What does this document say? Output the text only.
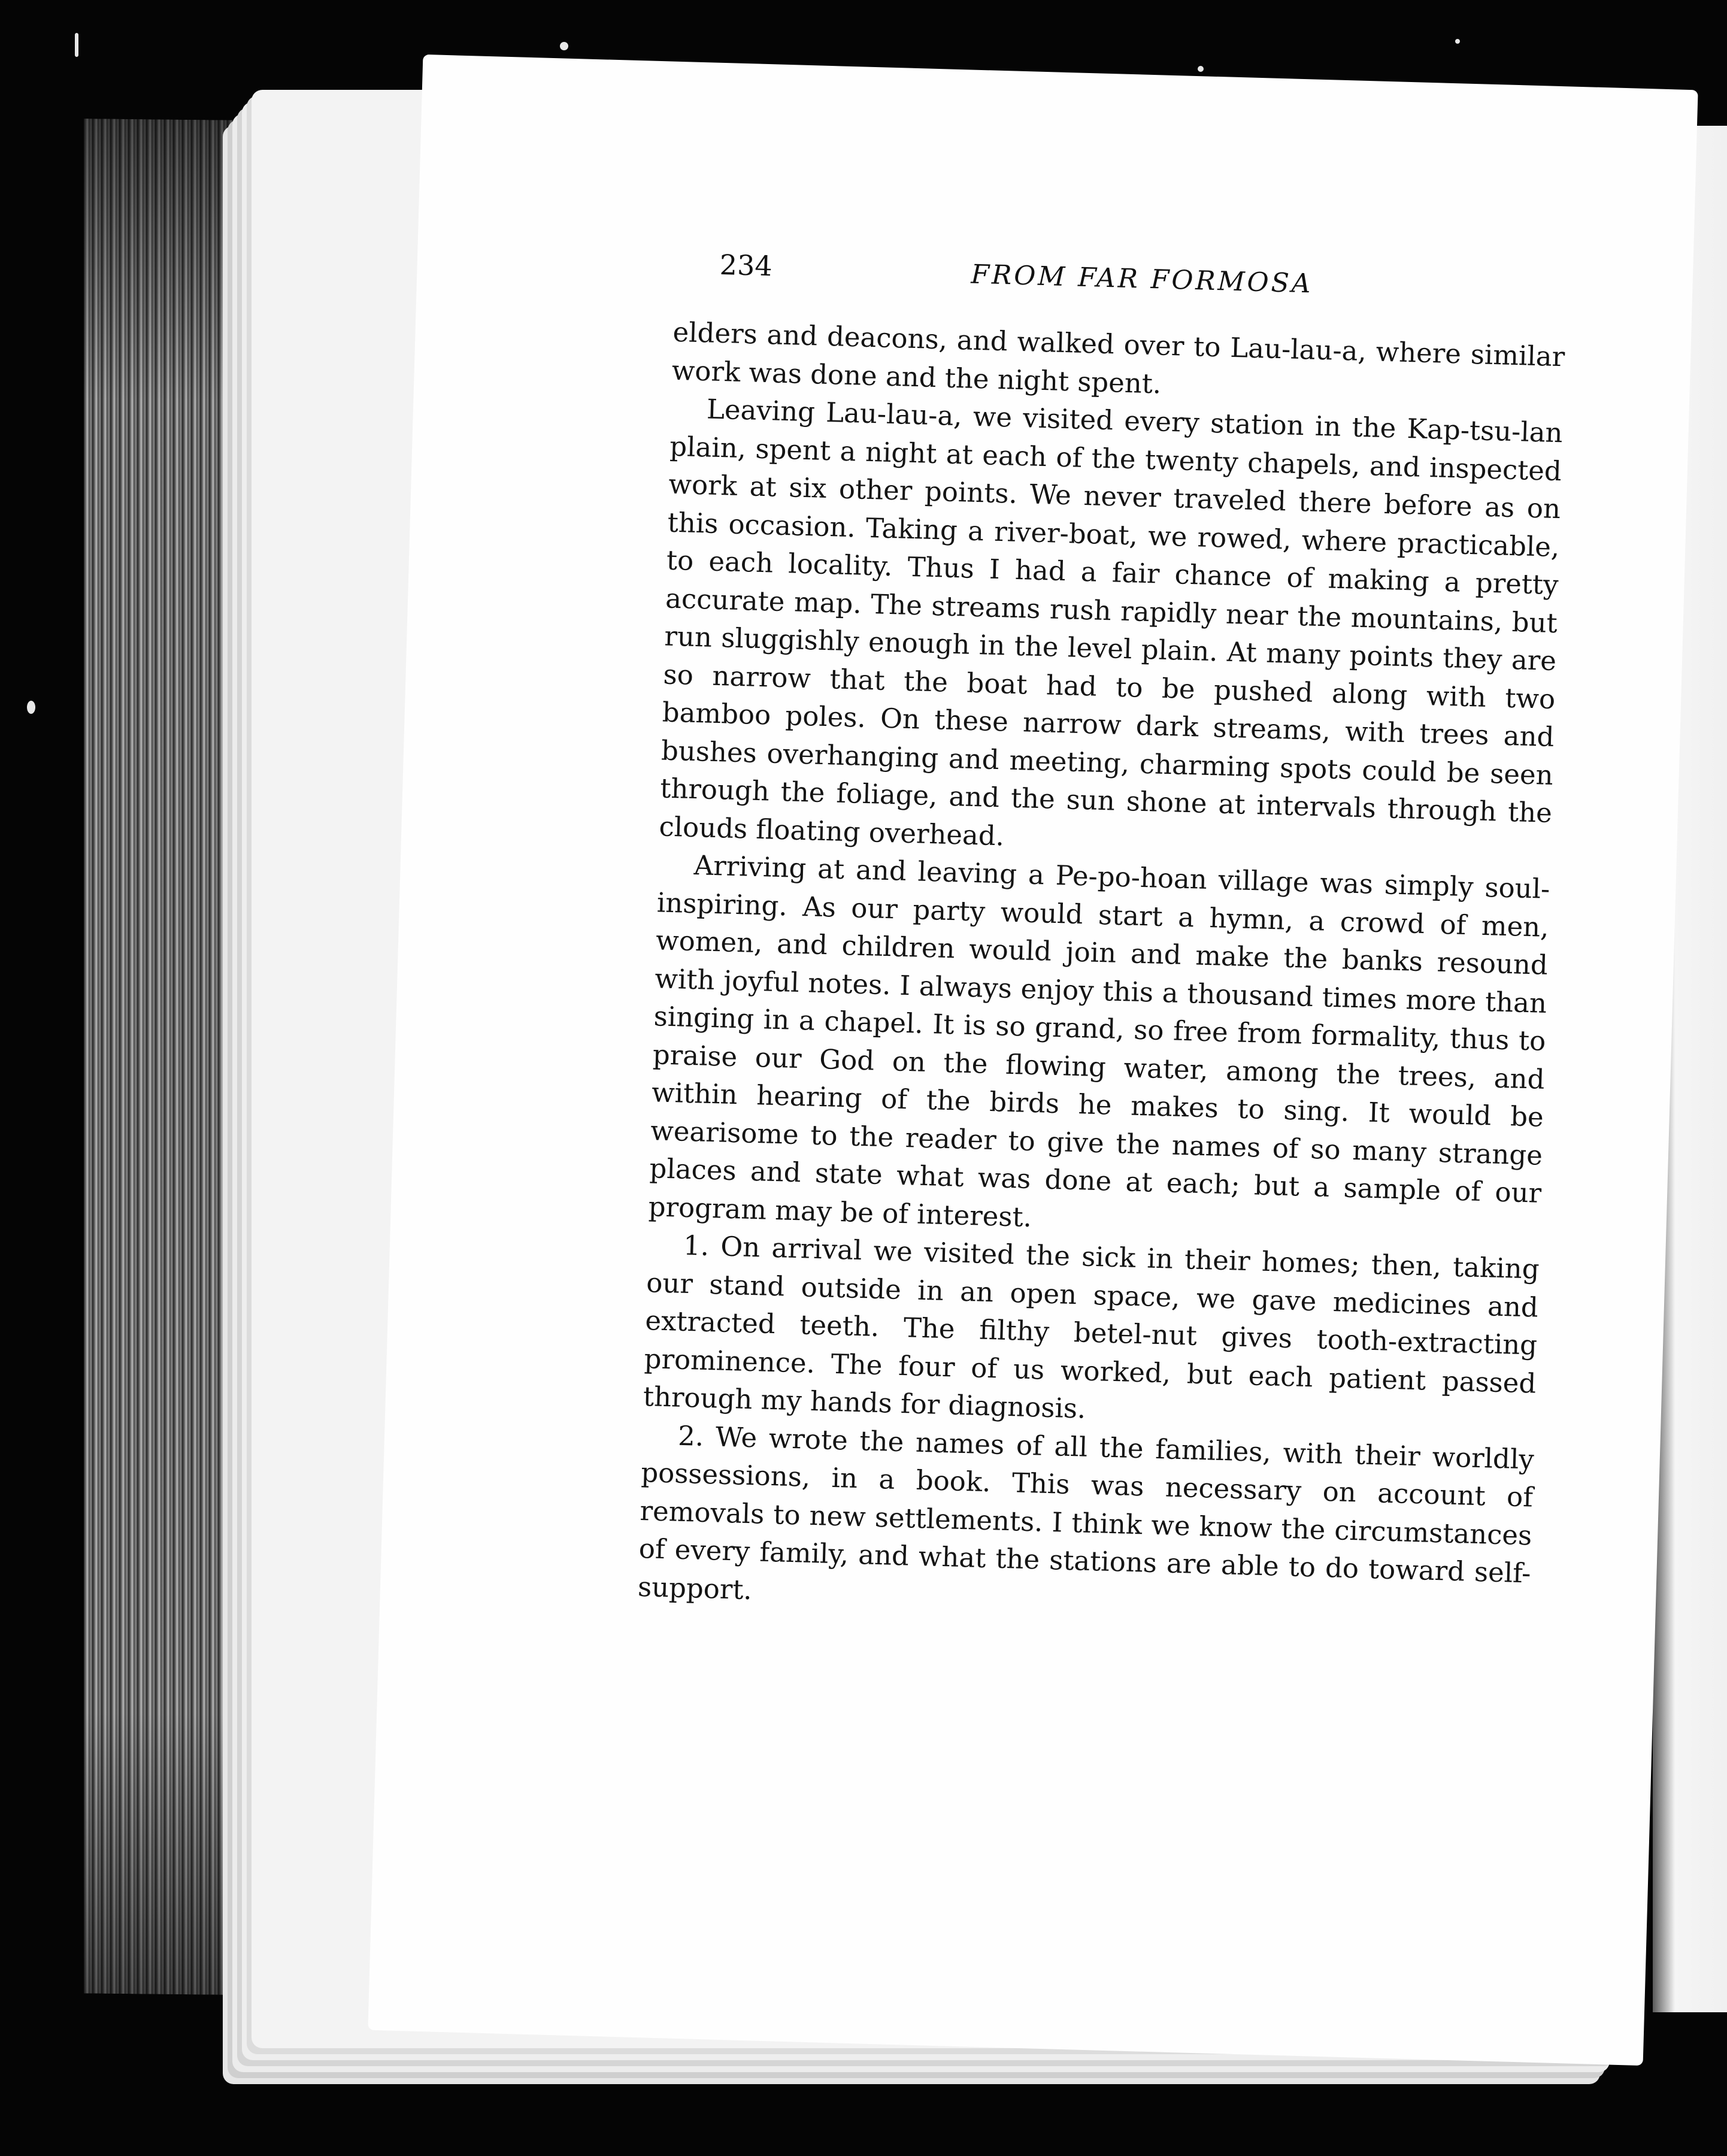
234	FROM FAR FORMOSA

elders and deacons, and walked over to Lau-lau-a, where similar work was done and the night spent.

Leaving Lau-lau-a, we visited every station in the Kap-tsu-lan plain, spent a night at each of the twenty chapels, and inspected work at six other points. We never traveled there before as on this occasion. Taking a river-boat, we rowed, where practicable, to each locality. Thus I had a fair chance of making a pretty accurate map. The streams rush rapidly near the mountains, but run sluggishly enough in the level plain. At many points they are so narrow that the boat had to be pushed along with two bamboo poles. On these narrow dark streams, with trees and bushes overhanging and meeting, charming spots could be seen through the foliage, and the sun shone at intervals through the clouds floating overhead.

Arriving at and leaving a Pe-po-hoan village was simply soul-inspiring. As our party would start a hymn, a crowd of men, women, and children would join and make the banks resound with joyful notes. I always enjoy this a thousand times more than singing in a chapel. It is so grand, so free from formality, thus to praise our God on the flowing water, among the trees, and within hearing of the birds he makes to sing. It would be wearisome to the reader to give the names of so many strange places and state what was done at each; but a sample of our program may be of interest.

1. On arrival we visited the sick in their homes; then, taking our stand outside in an open space, we gave medicines and extracted teeth. The filthy betel-nut gives tooth-extracting prominence. The four of us worked, but each patient passed through my hands for diagnosis.

2. We wrote the names of all the families, with their worldly possessions, in a book. This was necessary on account of removals to new settlements. I think we know the circumstances of every family, and what the stations are able to do toward self-support.
